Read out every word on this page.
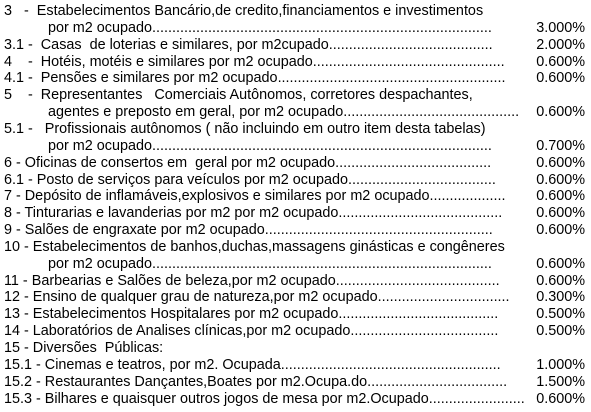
3   -  Estabelecimentos Bancário,de credito,financiamentos e investimentos
por m2 ocupado.....................................................................................	3.000%
3.1 -  Casas  de loterias e similares, por m2cupado.........................................	2.000%
4    -  Hotéis, motéis e similares por m2 ocupado................................................	0.600%
4.1 -  Pensões e similares por m2 ocupado.........................................................	0.600%
5    -  Representantes   Comerciais Autônomos, corretores despachantes,
agentes e preposto em geral, por m2 ocupado............................................	0.600%
5.1 -   Profissionais autônomos ( não incluindo em outro item desta tabelas)
por m2 ocupado.....................................................................................	0.700%
6 - Oficinas de consertos em  geral por m2 ocupado.......................................	0.600%
6.1 - Posto de serviços para veículos por m2 ocupado.....................................	0.600%
7 - Depósito de inflamáveis,explosivos e similares por m2 ocupado...................	0.600%
8 - Tinturarias e lavanderias por m2 por m2 ocupado.........................................	0.600%
9 - Salões de engraxate por m2 ocupado.........................................................	0.600%
10 - Estabelecimentos de banhos,duchas,massagens ginásticas e congêneres
por m2 ocupado.....................................................................................	0.600%
11 - Barbearias e Salões de beleza,por m2 ocupado.........................................	0.600%
12 - Ensino de qualquer grau de natureza,por m2 ocupado.................................	0.300%
13 - Estabelecimentos Hospitalares por m2 ocupado........................................	0.500%
14 - Laboratórios de Analises clínicas,por m2 ocupado.....................................	0.500%
15 - Diversões  Públicas:
15.1 - Cinemas e teatros, por m2. Ocupada.......................................................	1.000%
15.2 - Restaurantes Dançantes,Boates por m2.Ocupa.do...................................	1.500%
15.3 - Bilhares e quaisquer outros jogos de mesa por m2.Ocupado........................ 0.600%
